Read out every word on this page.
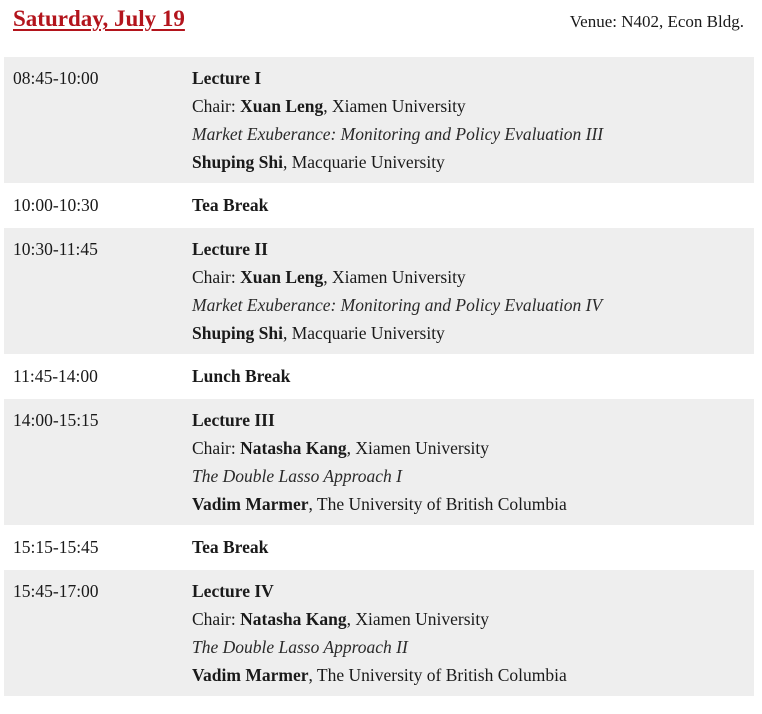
Saturday, July 19	Venue: N402, Econ Bldg.
08:45-10:00	Lecture I
Chair: Xuan Leng, Xiamen University
Market Exuberance: Monitoring and Policy Evaluation III
Shuping Shi, Macquarie University
10:00-10:30	Tea Break
10:30-11:45	Lecture II
Chair: Xuan Leng, Xiamen University
Market Exuberance: Monitoring and Policy Evaluation IV
Shuping Shi, Macquarie University
11:45-14:00	Lunch Break
14:00-15:15	Lecture III
Chair: Natasha Kang, Xiamen University
The Double Lasso Approach I
Vadim Marmer, The University of British Columbia
15:15-15:45	Tea Break
15:45-17:00	Lecture IV
Chair: Natasha Kang, Xiamen University
The Double Lasso Approach II
Vadim Marmer, The University of British Columbia
